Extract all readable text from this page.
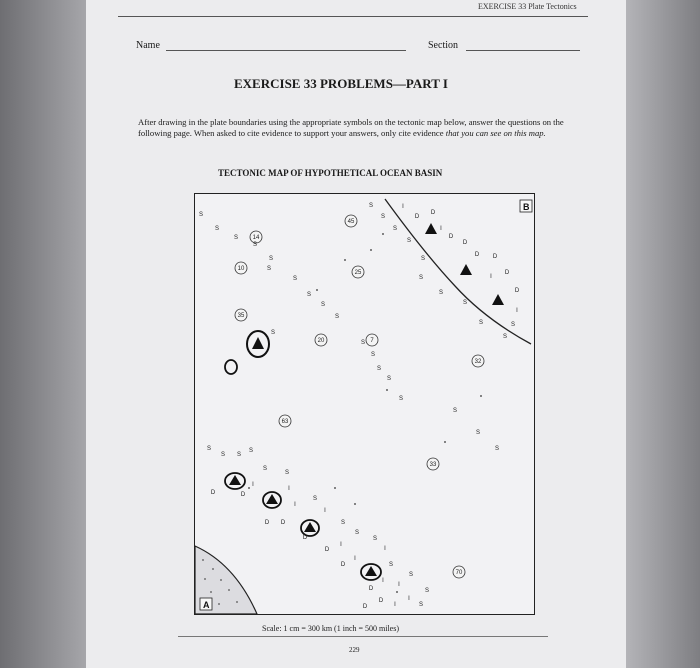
EXERCISE 33 Plate Tectonics
Name	Section
EXERCISE 33 PROBLEMS—PART I
After drawing in the plate boundaries using the appropriate symbols on the tectonic map below, answer the questions on the following page. When asked to cite evidence to support your answers, only cite evidence that you can see on this map.
TECTONIC MAP OF HYPOTHETICAL OCEAN BASIN
B
A
45
14
10
25
35
20	7
32
63
33
70
S
S
S
S
S
S
S
S
S
S
S
S
S
S
S
S
S
S
S
S
S
S
S
S
S
S
S
S
S
S
I
D
D
I
D
D
D D
D
D
I
I
S
S S
S
S
S
D	D
I
I
D D
I
S
I
D
S
D
I
S
S
I
D
I
S
D
I
I
S
D
D
I
I
S
S
Scale: 1 cm = 300 km (1 inch = 500 miles)
229
